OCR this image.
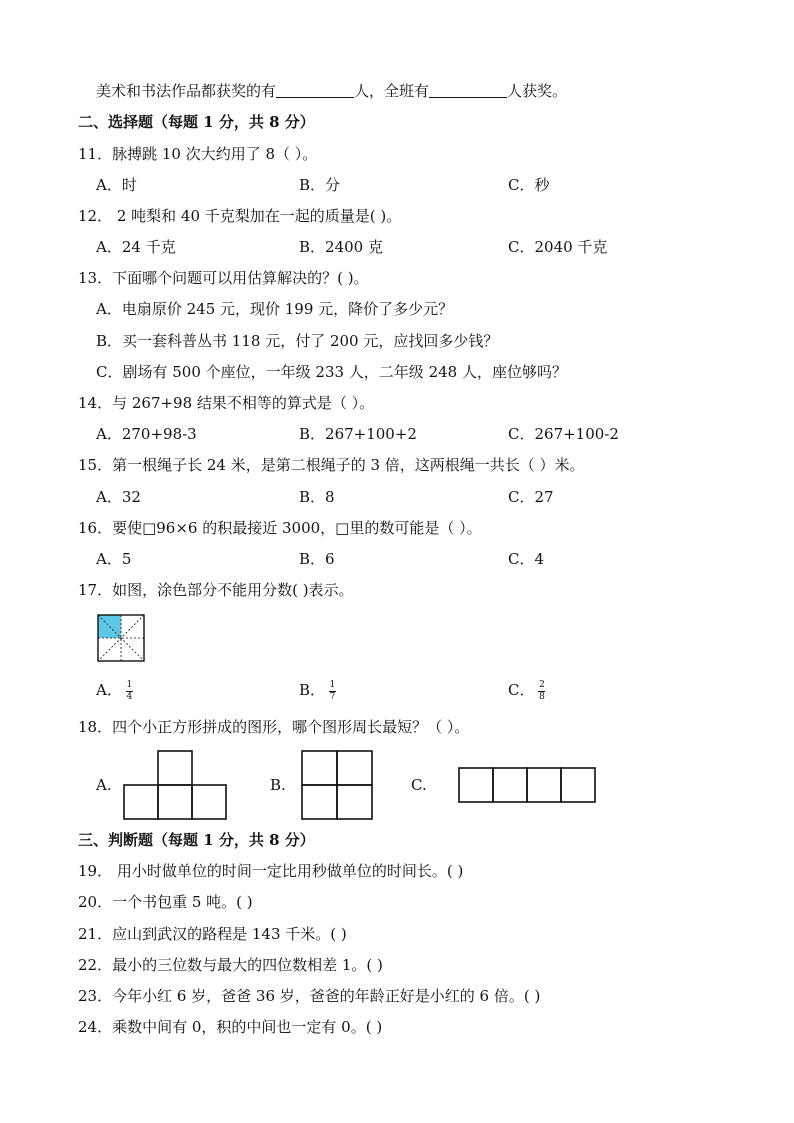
美术和书法作品都获奖的有	人，全班有	人获奖。
二、选择题（每题 1 分，共 8 分）
11．脉搏跳 10 次大约用了 8（ ）。
A．时	B．分	C．秒
12． 2 吨梨和 40 千克梨加在一起的质量是( )。
A．24 千克	B．2400 克	C．2040 千克
13．下面哪个问题可以用估算解决的？( )。
A．电扇原价 245 元，现价 199 元，降价了多少元？
B．买一套科普丛书 118 元，付了 200 元，应找回多少钱？
C．剧场有 500 个座位，一年级 233 人，二年级 248 人，座位够吗？
14．与 267+98 结果不相等的算式是（ ）。
A．270+98-3	B．267+100+2	C．267+100-2
15．第一根绳子长 24 米，是第二根绳子的 3 倍，这两根绳一共长（ ）米。
A．32	B．8	C．27
16．要使□96×6 的积最接近 3000，□里的数可能是（ ）。
A．5	B．6	C．4
17．如图，涂色部分不能用分数( )表示。
A． $\frac{1}{4}$	B． $\frac{1}{7}$	C． $\frac{2}{8}$
18．四个小正方形拼成的图形，哪个图形周长最短？（ ）。
A.	B.	C.
三、判断题（每题 1 分，共 8 分）
19． 用小时做单位的时间一定比用秒做单位的时间长。( )
20．一个书包重 5 吨。( )
21．应山到武汉的路程是 143 千米。( )
22．最小的三位数与最大的四位数相差 1。( )
23．今年小红 6 岁，爸爸 36 岁，爸爸的年龄正好是小红的 6 倍。( )
24．乘数中间有 0，积的中间也一定有 0。( )
